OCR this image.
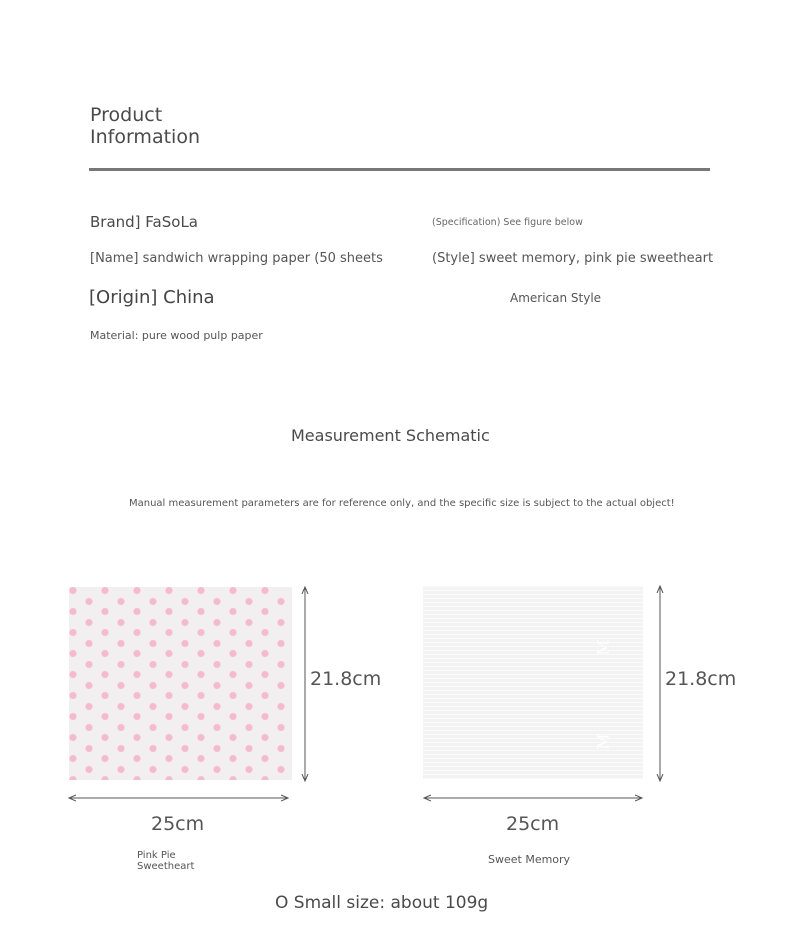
Product
Information
Brand] FaSoLa	(Specification) See figure below
[Name] sandwich wrapping paper (50 sheets	(Style] sweet memory, pink pie sweetheart
[Origin] China	American Style
Material: pure wood pulp paper
Measurement Schematic
Manual measurement parameters are for reference only, and the specific size is subject to the actual object!
M
M
21.8cm
25cm
21.8cm
25cm
Pink Pie
Sweetheart
Sweet Memory
O Small size: about 109g
